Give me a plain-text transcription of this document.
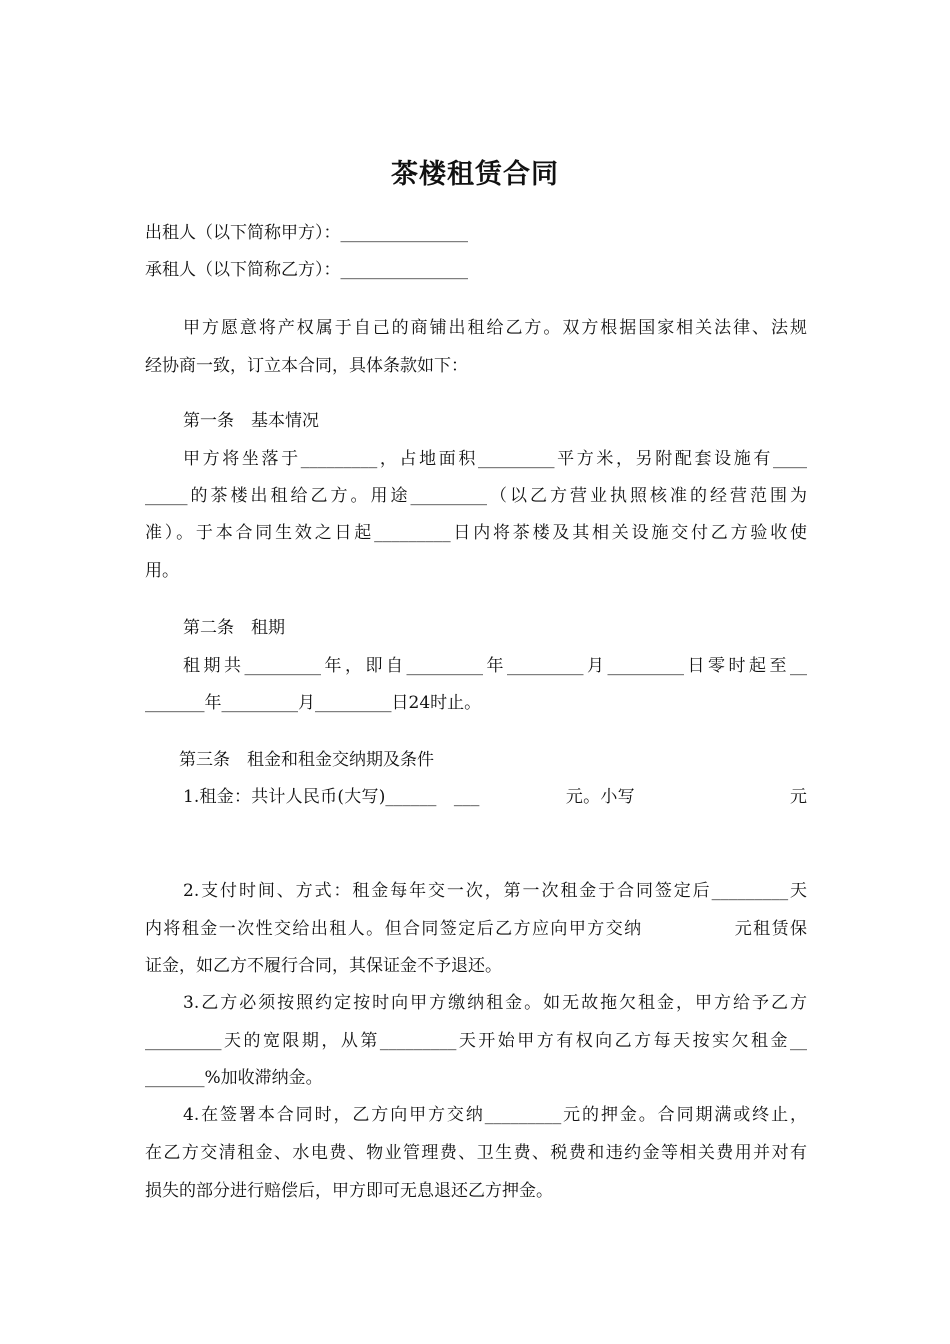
茶楼租赁合同
出租人（以下简称甲方）：_______________
承租人（以下简称乙方）：_______________
甲方愿意将产权属于自己的商铺出租给乙方。双方根据国家相关法律、法规
经协商一致，订立本合同，具体条款如下：
第一条　基本情况
甲方将坐落于_________，占地面积_________平方米，另附配套设施有____
_____的茶楼出租给乙方。用途_________（以乙方营业执照核准的经营范围为
准）。于本合同生效之日起_________日内将茶楼及其相关设施交付乙方验收使
用。
第二条　租期
租期共_________年，即自_________年_________月_________日零时起至__
_______年_________月_________日24时止。
第三条　租金和租金交纳期及条件
1.租金：共计人民币(大写)______　___　　　　　元。小写　　　　　　　　　元
2.支付时间、方式：租金每年交一次，第一次租金于合同签定后_________天
内将租金一次性交给出租人。但合同签定后乙方应向甲方交纳　　　　　元租赁保
证金，如乙方不履行合同，其保证金不予退还。
3.乙方必须按照约定按时向甲方缴纳租金。如无故拖欠租金，甲方给予乙方
_________天的宽限期，从第_________天开始甲方有权向乙方每天按实欠租金__
_______%加收滞纳金。
4.在签署本合同时，乙方向甲方交纳_________元的押金。合同期满或终止，
在乙方交清租金、水电费、物业管理费、卫生费、税费和违约金等相关费用并对有
损失的部分进行赔偿后，甲方即可无息退还乙方押金。
